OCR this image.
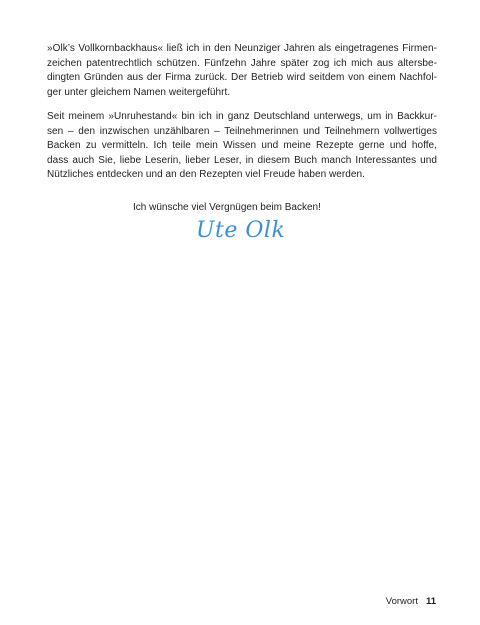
»Olk’s Vollkornbackhaus« ließ ich in den Neunziger Jahren als eingetragenes Firmen-
zeichen patentrechtlich schützen. Fünfzehn Jahre später zog ich mich aus altersbe-
dingten Gründen aus der Firma zurück. Der Betrieb wird seitdem von einem Nachfol-
ger unter gleichem Namen weitergeführt.
Seit meinem »Unruhestand« bin ich in ganz Deutschland unterwegs, um in Backkur-
sen – den inzwischen unzählbaren – Teilnehmerinnen und Teilnehmern vollwertiges
Backen zu vermitteln. Ich teile mein Wissen und meine Rezepte gerne und hoffe,
dass auch Sie, liebe Leserin, lieber Leser, in diesem Buch manch Interessantes und
Nützliches entdecken und an den Rezepten viel Freude haben werden.
Ich wünsche viel Vergnügen beim Backen!
Ute Olk
Vorwort 11
